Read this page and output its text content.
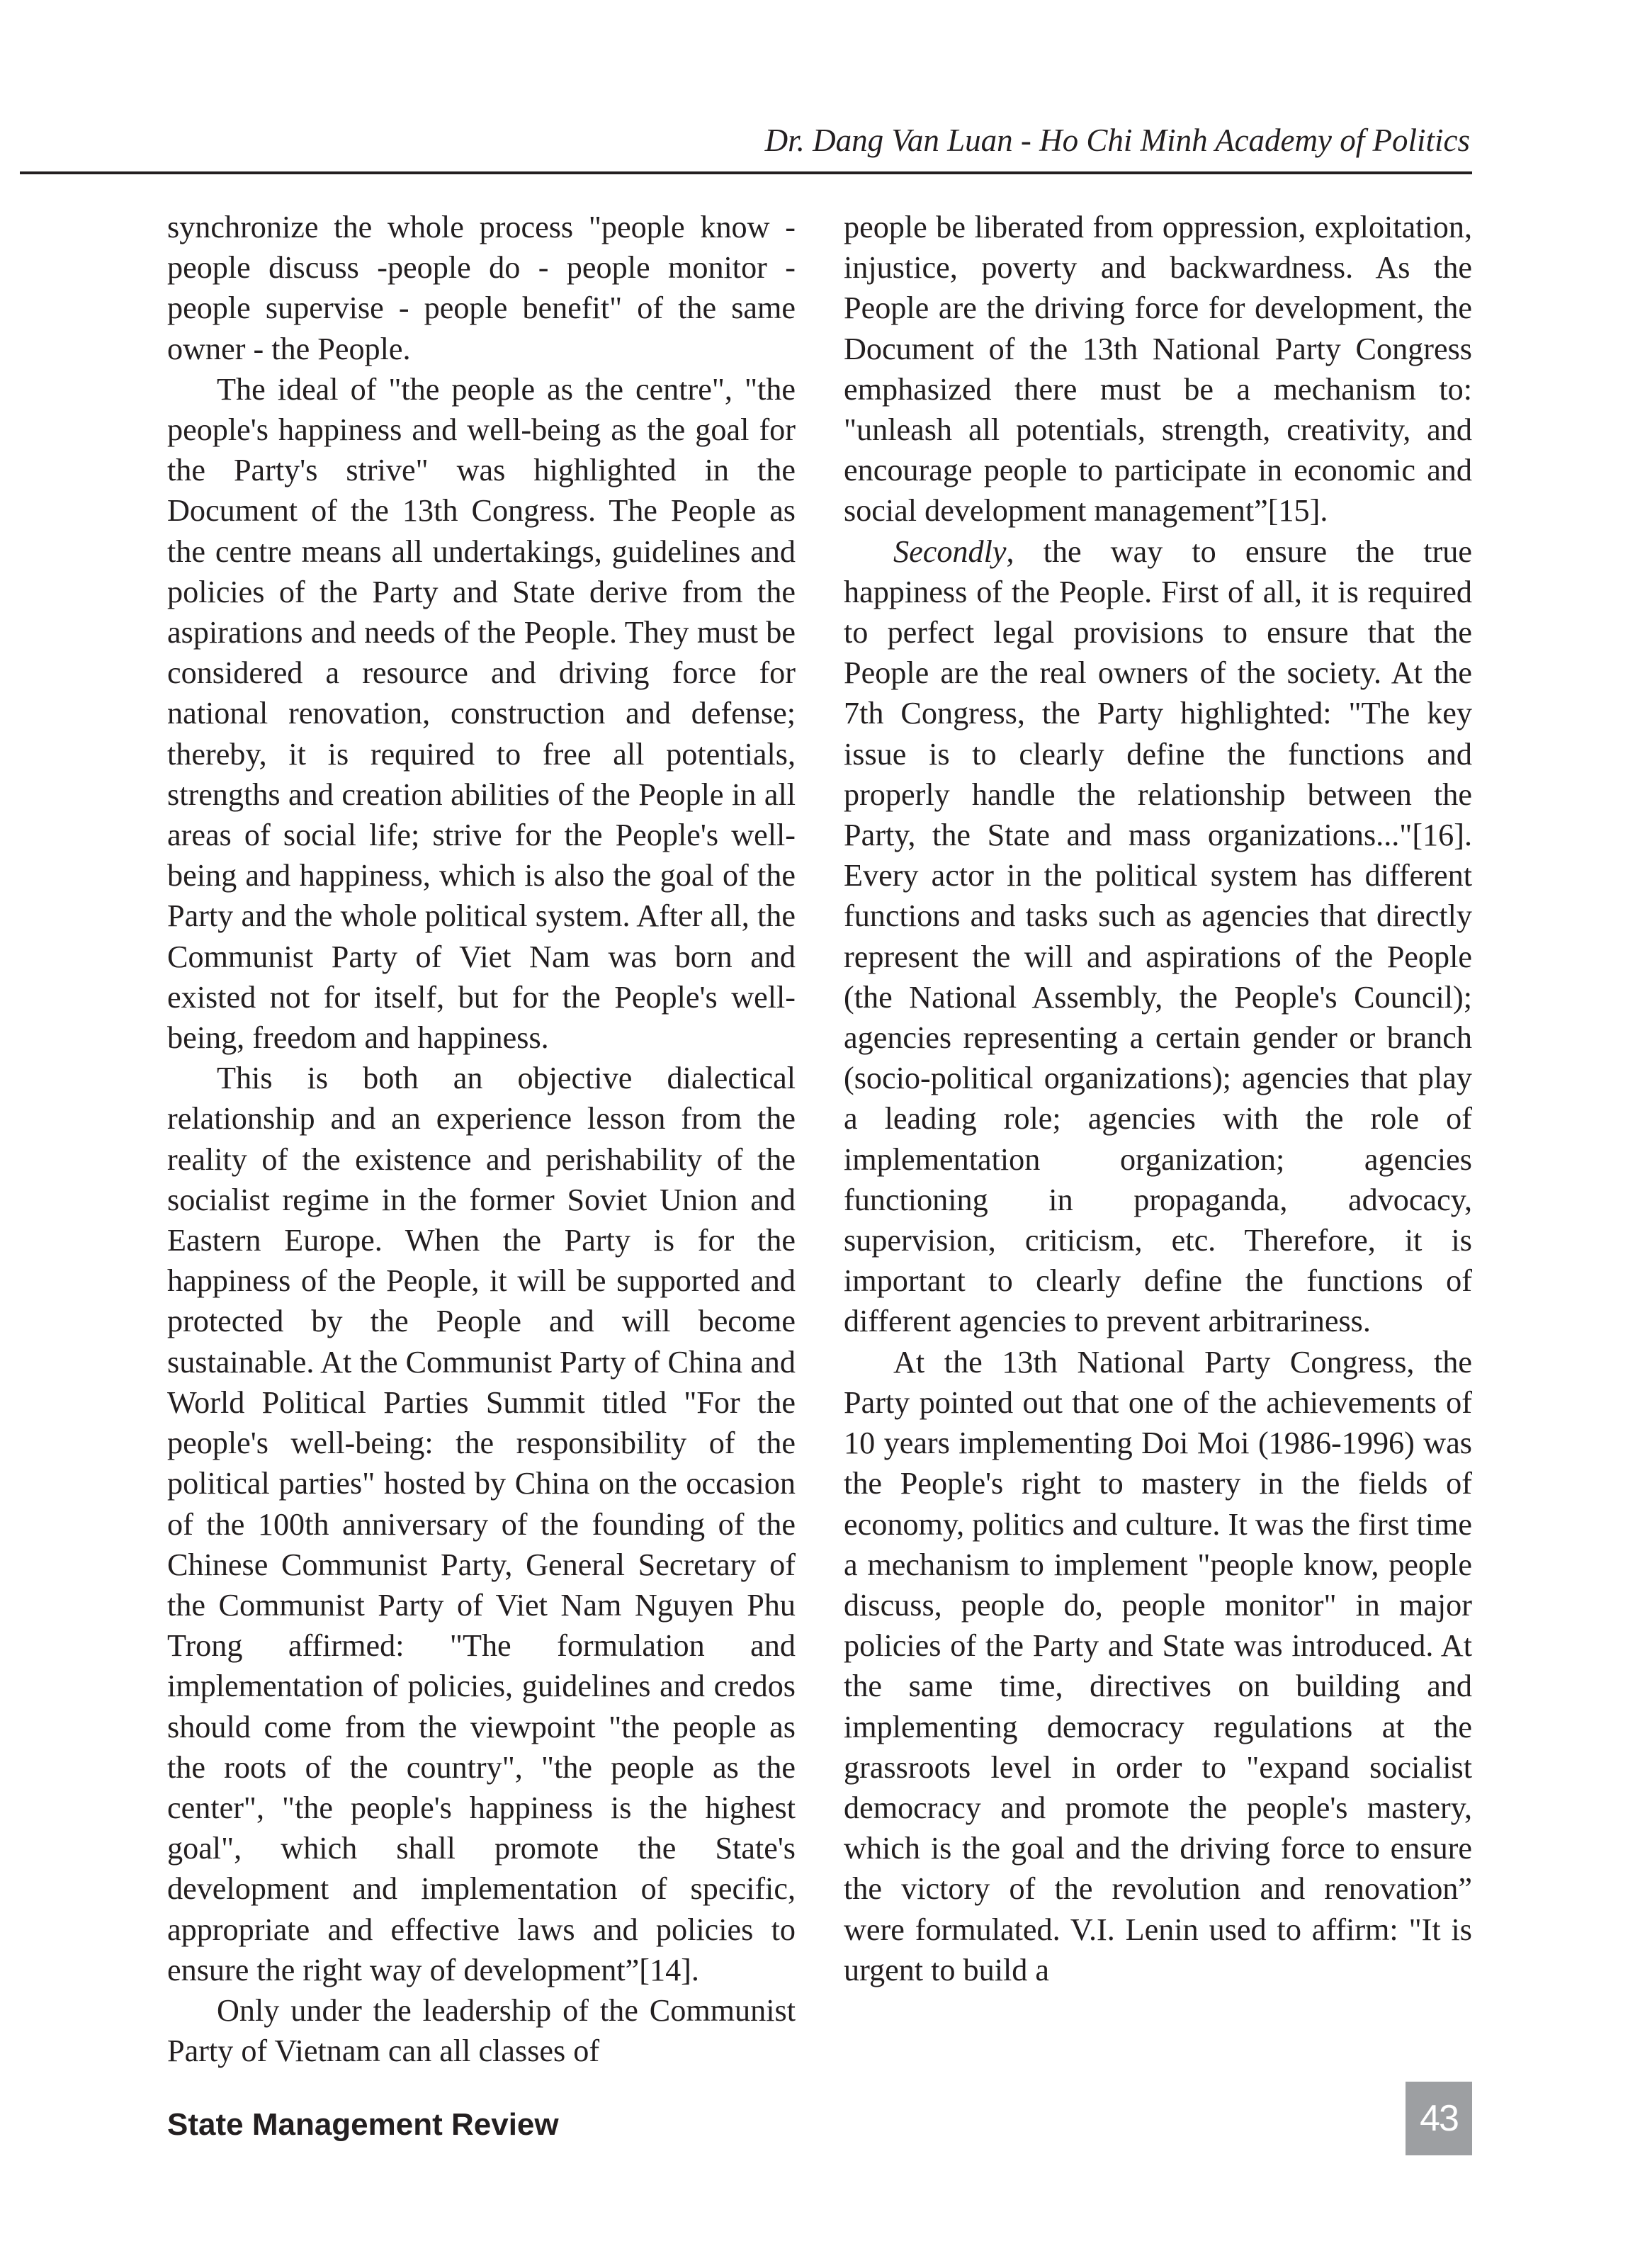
Dr. Dang Van Luan - Ho Chi Minh Academy of Politics

synchronize the whole process "people know - people discuss -people do - people monitor - people supervise - people benefit" of the same owner - the People.

The ideal of "the people as the centre", "the people's happiness and well-being as the goal for the Party's strive" was highlighted in the Document of the 13th Congress. The People as the centre means all undertakings, guidelines and policies of the Party and State derive from the aspirations and needs of the People. They must be considered a resource and driving force for national renovation, construction and defense; thereby, it is required to free all potentials, strengths and creation abilities of the People in all areas of social life; strive for the People's well-being and happiness, which is also the goal of the Party and the whole political system. After all, the Communist Party of Viet Nam was born and existed not for itself, but for the People's well-being, freedom and happiness.

This is both an objective dialectical relationship and an experience lesson from the reality of the existence and perishability of the socialist regime in the former Soviet Union and Eastern Europe. When the Party is for the happiness of the People, it will be supported and protected by the People and will become sustainable. At the Communist Party of China and World Political Parties Summit titled "For the people's well-being: the responsibility of the political parties" hosted by China on the occasion of the 100th anniversary of the founding of the Chinese Communist Party, General Secretary of the Communist Party of Viet Nam Nguyen Phu Trong affirmed: "The formulation and implementation of policies, guidelines and credos should come from the viewpoint "the people as the roots of the country", "the people as the center", "the people's happiness is the highest goal", which shall promote the State's development and implementation of specific, appropriate and effective laws and policies to ensure the right way of development”[14].

Only under the leadership of the Communist Party of Vietnam can all classes of

people be liberated from oppression, exploitation, injustice, poverty and backwardness. As the People are the driving force for development, the Document of the 13th National Party Congress emphasized there must be a mechanism to: "unleash all potentials, strength, creativity, and encourage people to participate in economic and social development management”[15].

Secondly, the way to ensure the true happiness of the People. First of all, it is required to perfect legal provisions to ensure that the People are the real owners of the society. At the 7th Congress, the Party highlighted: "The key issue is to clearly define the functions and properly handle the relationship between the Party, the State and mass organizations..."[16]. Every actor in the political system has different functions and tasks such as agencies that directly represent the will and aspirations of the People (the National Assembly, the People's Council); agencies representing a certain gender or branch (socio-political organizations); agencies that play a leading role; agencies with the role of implementation organization; agencies functioning in propaganda, advocacy, supervision, criticism, etc. Therefore, it is important to clearly define the functions of different agencies to prevent arbitrariness.

At the 13th National Party Congress, the Party pointed out that one of the achievements of 10 years implementing Doi Moi (1986-1996) was the People's right to mastery in the fields of economy, politics and culture. It was the first time a mechanism to implement "people know, people discuss, people do, people monitor" in major policies of the Party and State was introduced. At the same time, directives on building and implementing democracy regulations at the grassroots level in order to "expand socialist democracy and promote the people's mastery, which is the goal and the driving force to ensure the victory of the revolution and renovation” were formulated. V.I. Lenin used to affirm: "It is urgent to build a

State Management Review	43
